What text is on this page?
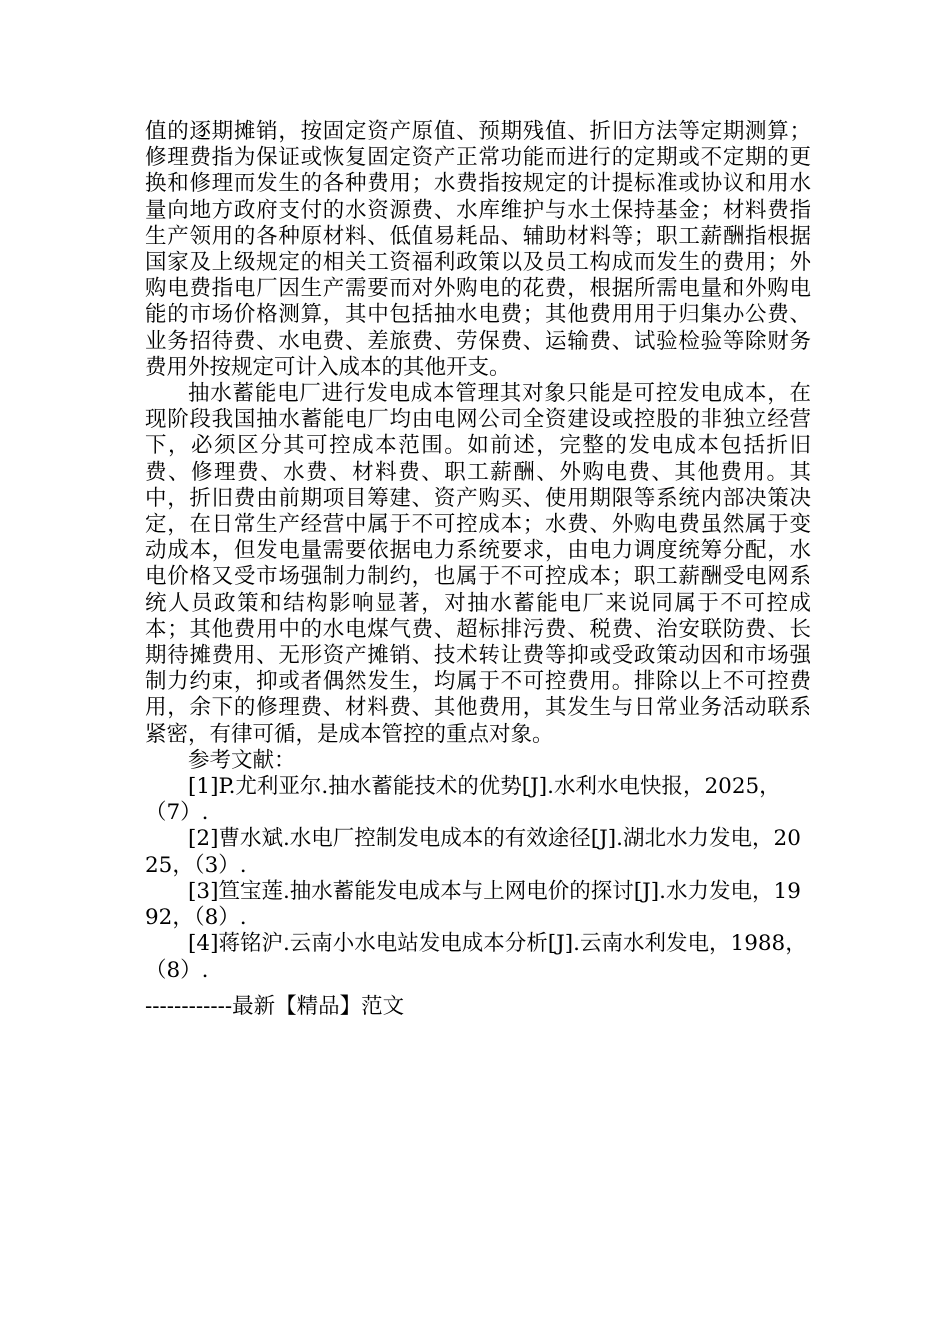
值的逐期摊销，按固定资产原值、预期残值、折旧方法等定期测算；修理费指为保证或恢复固定资产正常功能而进行的定期或不定期的更换和修理而发生的各种费用；水费指按规定的计提标准或协议和用水量向地方政府支付的水资源费、水库维护与水土保持基金；材料费指生产领用的各种原材料、低值易耗品、辅助材料等；职工薪酬指根据国家及上级规定的相关工资福利政策以及员工构成而发生的费用；外购电费指电厂因生产需要而对外购电的花费，根据所需电量和外购电能的市场价格测算，其中包括抽水电费；其他费用用于归集办公费、业务招待费、水电费、差旅费、劳保费、运输费、试验检验等除财务费用外按规定可计入成本的其他开支。

抽水蓄能电厂进行发电成本管理其对象只能是可控发电成本，在现阶段我国抽水蓄能电厂均由电网公司全资建设或控股的非独立经营下，必须区分其可控成本范围。如前述，完整的发电成本包括折旧费、修理费、水费、材料费、职工薪酬、外购电费、其他费用。其中，折旧费由前期项目筹建、资产购买、使用期限等系统内部决策决定，在日常生产经营中属于不可控成本；水费、外购电费虽然属于变动成本，但发电量需要依据电力系统要求，由电力调度统筹分配，水电价格又受市场强制力制约，也属于不可控成本；职工薪酬受电网系统人员政策和结构影响显著，对抽水蓄能电厂来说同属于不可控成本；其他费用中的水电煤气费、超标排污费、税费、治安联防费、长期待摊费用、无形资产摊销、技术转让费等抑或受政策动因和市场强制力约束，抑或者偶然发生，均属于不可控费用。排除以上不可控费用，余下的修理费、材料费、其他费用，其发生与日常业务活动联系紧密，有律可循，是成本管控的重点对象。

参考文献：

[1]P.尤利亚尔.抽水蓄能技术的优势[J].水利水电快报，2025，（7）.

[2]曹水斌.水电厂控制发电成本的有效途径[J].湖北水力发电，2025，（3）.

[3]笪宝莲.抽水蓄能发电成本与上网电价的探讨[J].水力发电，1992，（8）.

[4]蒋铭沪.云南小水电站发电成本分析[J].云南水利发电，1988，（8）.

------------最新【精品】范文
